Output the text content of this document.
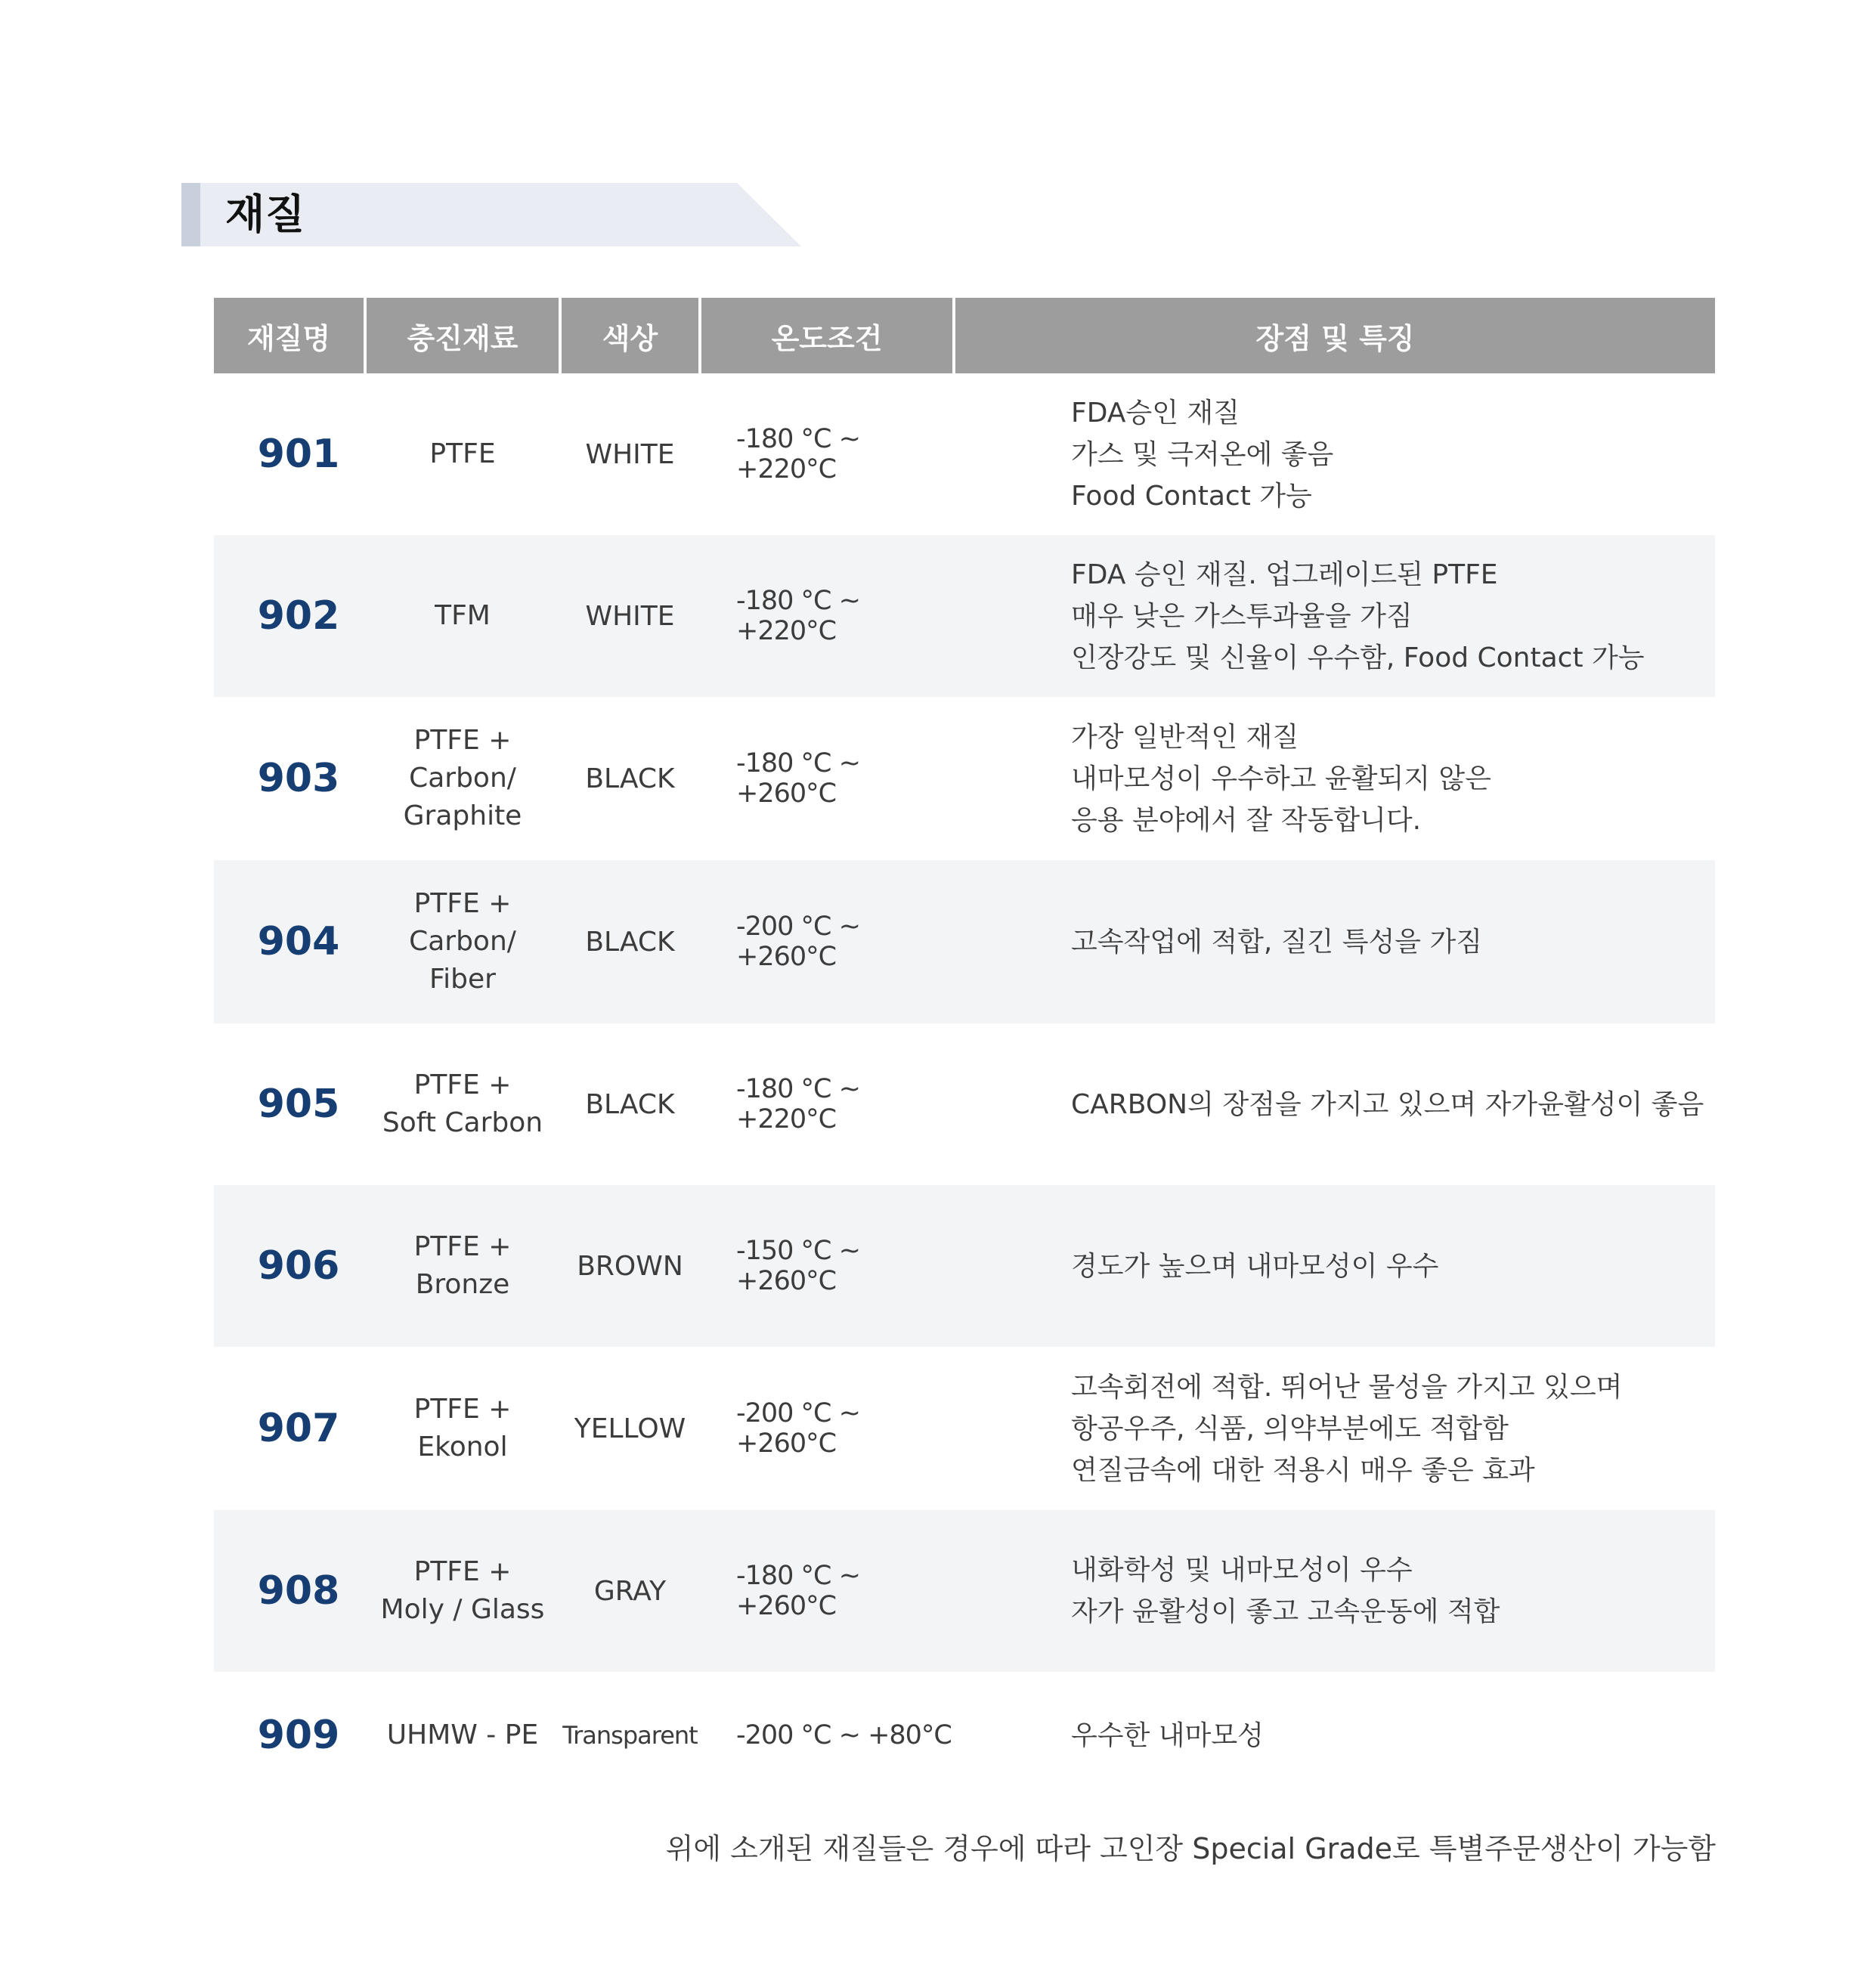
재질
재질명	충진재료	색상	온도조건	장점 및 특징
901	PTFE	WHITE	-180 °C ~ +220°C	FDA승인 재질
가스 및 극저온에 좋음
Food Contact 가능

902	TFM	WHITE	-180 °C ~ +220°C	FDA 승인 재질. 업그레이드된 PTFE
매우 낮은 가스투과율을 가짐
인장강도 및 신율이 우수함, Food Contact 가능

903	PTFE +
Carbon/
Graphite	BLACK	-180 °C ~ +260°C	가장 일반적인 재질
내마모성이 우수하고 윤활되지 않은
응용 분야에서 잘 작동합니다.

904	PTFE +
Carbon/
Fiber	BLACK	-200 °C ~ +260°C	고속작업에 적합, 질긴 특성을 가짐

905	PTFE +
Soft Carbon	BLACK	-180 °C ~ +220°C	CARBON의 장점을 가지고 있으며 자가윤활성이 좋음

906	PTFE +
Bronze	BROWN	-150 °C ~ +260°C	경도가 높으며 내마모성이 우수

907	PTFE +
Ekonol	YELLOW	-200 °C ~ +260°C	고속회전에 적합. 뛰어난 물성을 가지고 있으며
항공우주, 식품, 의약부분에도 적합함
연질금속에 대한 적용시 매우 좋은 효과

908	PTFE +
Moly / Glass	GRAY	-180 °C ~ +260°C	내화학성 및 내마모성이 우수
자가 윤활성이 좋고 고속운동에 적합

909	UHMW - PE	Transparent	-200 °C ~ +80°C	우수한 내마모성
위에 소개된 재질들은 경우에 따라 고인장 Special Grade로 특별주문생산이 가능함
